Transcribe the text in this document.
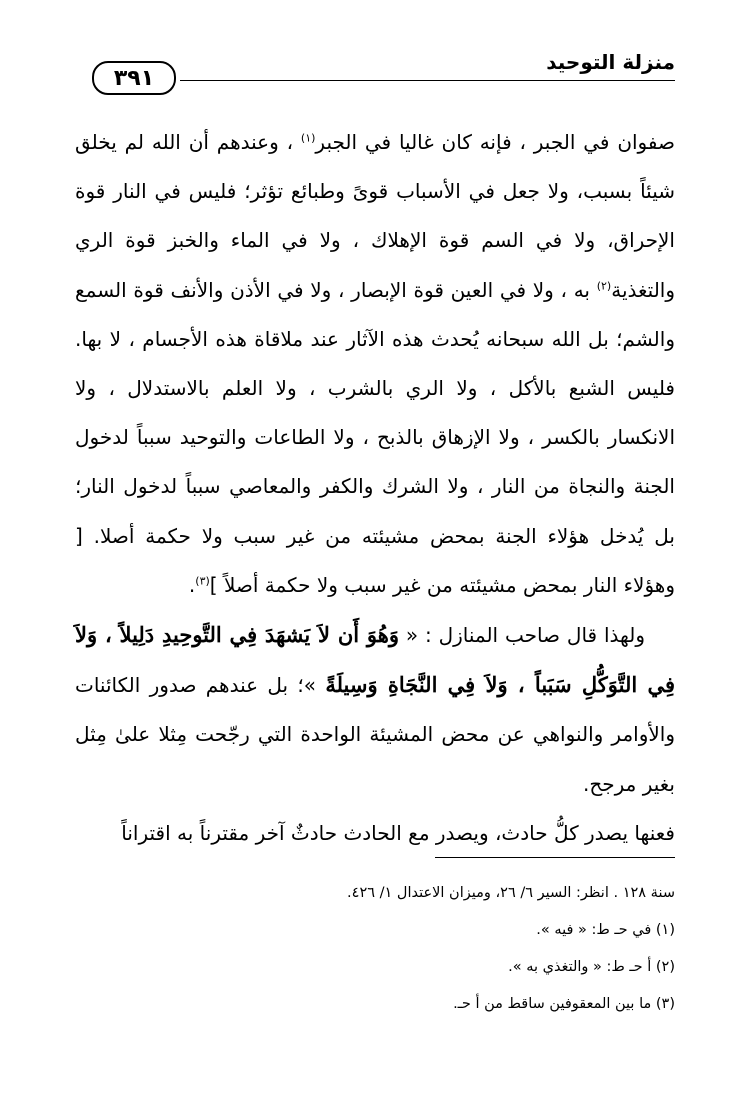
منزلة التوحيد
٣٩١

صفوان في الجبر ، فإنه كان غاليا في الجبر$^{(١)}$ ، وعندهم أن الله لم يخلق شيئاً بسبب، ولا جعل في الأسباب قوىً وطبائع تؤثر؛ فليس في النار قوة الإحراق، ولا في السم قوة الإهلاك ، ولا في الماء والخبز قوة الري والتغذية$^{(٢)}$ به ، ولا في العين قوة الإبصار ، ولا في الأذن والأنف قوة السمع والشم؛ بل الله سبحانه يُحدث هذه الآثار عند ملاقاة هذه الأجسام ، لا بها. فليس الشبع بالأكل ، ولا الري بالشرب ، ولا العلم بالاستدلال ، ولا الانكسار بالكسر ، ولا الإزهاق بالذبح ، ولا الطاعات والتوحيد سبباً لدخول الجنة والنجاة من النار ، ولا الشرك والكفر والمعاصي سبباً لدخول النار؛ بل يُدخل هؤلاء الجنة بمحض مشيئته من غير سبب ولا حكمة أصلا. [ وهؤلاء النار بمحض مشيئته من غير سبب ولا حكمة أصلاً ]$^{(٣)}$.

ولهذا قال صاحب المنازل : « وَهُوَ أَن لاَ يَشهَدَ فِي التَّوحِيدِ دَلِيلاً ، وَلاَ فِي التَّوَكُّلِ سَبَباً ، وَلاَ فِي النَّجَاةِ وَسِيلَةً »؛ بل عندهم صدور الكائنات والأوامر والنواهي عن محض المشيئة الواحدة التي رجّحت مِثلا علىٰ مِثل بغير مرجح.

فعنها يصدر كلُّ حادث، ويصدر مع الحادث حادثٌ آخر مقترناً به اقتراناً

سنة ١٢٨ . انظر: السير ٦/ ٢٦، وميزان الاعتدال ١/ ٤٢٦.
(١) في حـ ط: « فيه ».
(٢) أ حـ ط: « والتغذي به ».
(٣) ما بين المعقوفين ساقط من أ حـ.
